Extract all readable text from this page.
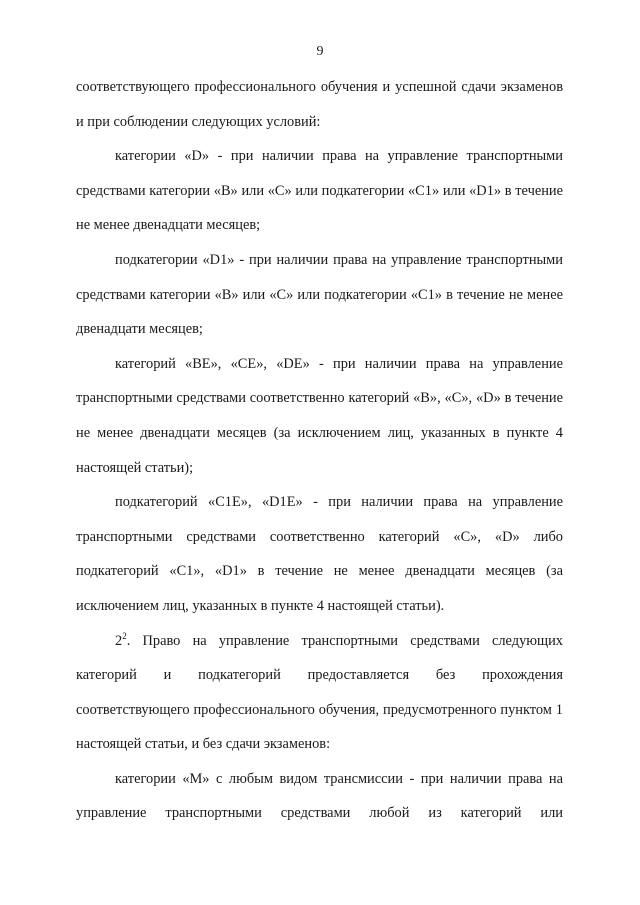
9

соответствующего профессионального обучения и успешной сдачи экзаменов и при соблюдении следующих условий:

категории «D» - при наличии права на управление транспортными средствами категории «B» или «C» или подкатегории «C1» или «D1» в течение не менее двенадцати месяцев;

подкатегории «D1» - при наличии права на управление транспортными средствами категории «B» или «C» или подкатегории «C1» в течение не менее двенадцати месяцев;

категорий «BE», «CE», «DE» - при наличии права на управление транспортными средствами соответственно категорий «B», «C», «D» в течение не менее двенадцати месяцев (за исключением лиц, указанных в пункте 4 настоящей статьи);

подкатегорий «C1E», «D1E» - при наличии права на управление транспортными средствами соответственно категорий «C», «D» либо подкатегорий «C1», «D1» в течение не менее двенадцати месяцев (за исключением лиц, указанных в пункте 4 настоящей статьи).

$2^2$. Право на управление транспортными средствами следующих категорий и подкатегорий предоставляется без прохождения соответствующего профессионального обучения, предусмотренного пунктом 1 настоящей статьи, и без сдачи экзаменов:

категории «M» с любым видом трансмиссии - при наличии права на управление транспортными средствами любой из категорий или
